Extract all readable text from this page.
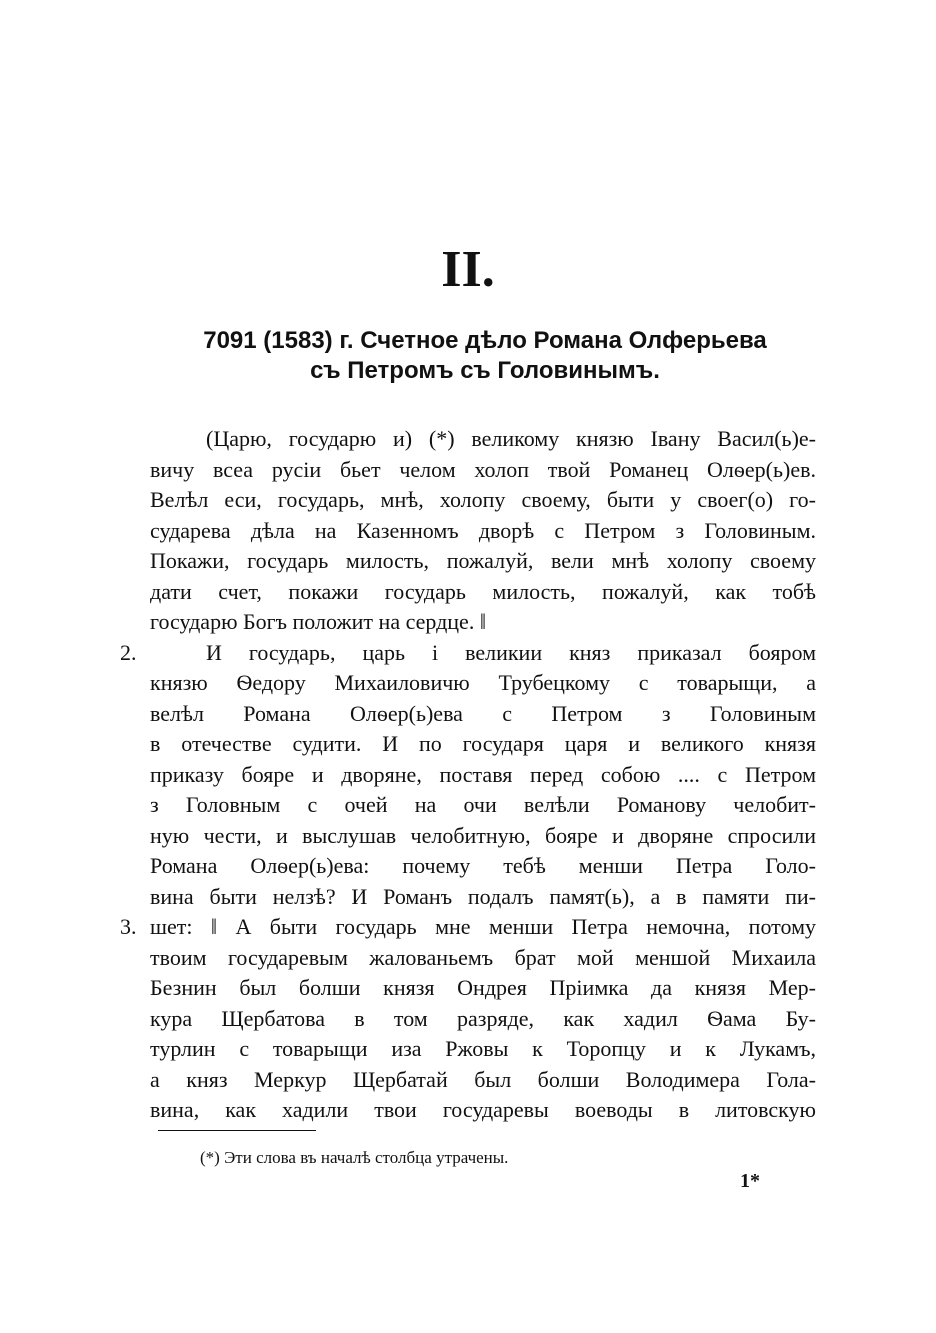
II.
7091 (1583) г. Счетное дѣло Романа Олферьева
съ Петромъ съ Головинымъ.
(Царю, государю и) (*) великому князю Івану Васил(ь)е-
вичу всеа русіи бьет челом холоп твой Романец Олѳер(ь)ев.
Велѣл еси, государь, мнѣ, холопу своему, быти у своег(о) го-
сударева дѣла на Казенномъ дворѣ с Петром з Головиным.
Покажи, государь милость, пожалуй, вели мнѣ холопу своему
дати счет, покажи государь милость, пожалуй, как тобѣ
государю Богъ положит на сердце. ‖
2.	И государь, царь і великии княз приказал бояром
князю Ѳедору Михаиловичю Трубецкому с товарыщи, а
велѣл Романа Олѳер(ь)ева с Петром з Головиным
в отечестве судити. И по государя царя и великого князя
приказу бояре и дворяне, поставя перед собою .... с Петром
з Головным с очей на очи велѣли Романову челобит-
ную чести, и выслушав челобитную, бояре и дворяне спросили
Романа Олѳер(ь)ева: почему тебѣ менши Петра Голо-
вина быти нелзѣ? И Романъ подалъ памят(ь), а в памяти пи-
3. шет: ‖ А быти государь мне менши Петра немочна, потому
твоим государевым жалованьемъ брат мой меншой Михаила
Безнин был болши князя Ондрея Пріимка да князя Мер-
кура Щербатова в том разряде, как хадил Ѳама Бу-
турлин с товарыщи иза Ржовы к Торопцу и к Лукамъ,
а княз Меркур Щербатай был болши Володимера Гола-
вина, как хадили твои государевы воеводы в литовскую
(*) Эти слова въ началѣ столбца утрачены.
1*
